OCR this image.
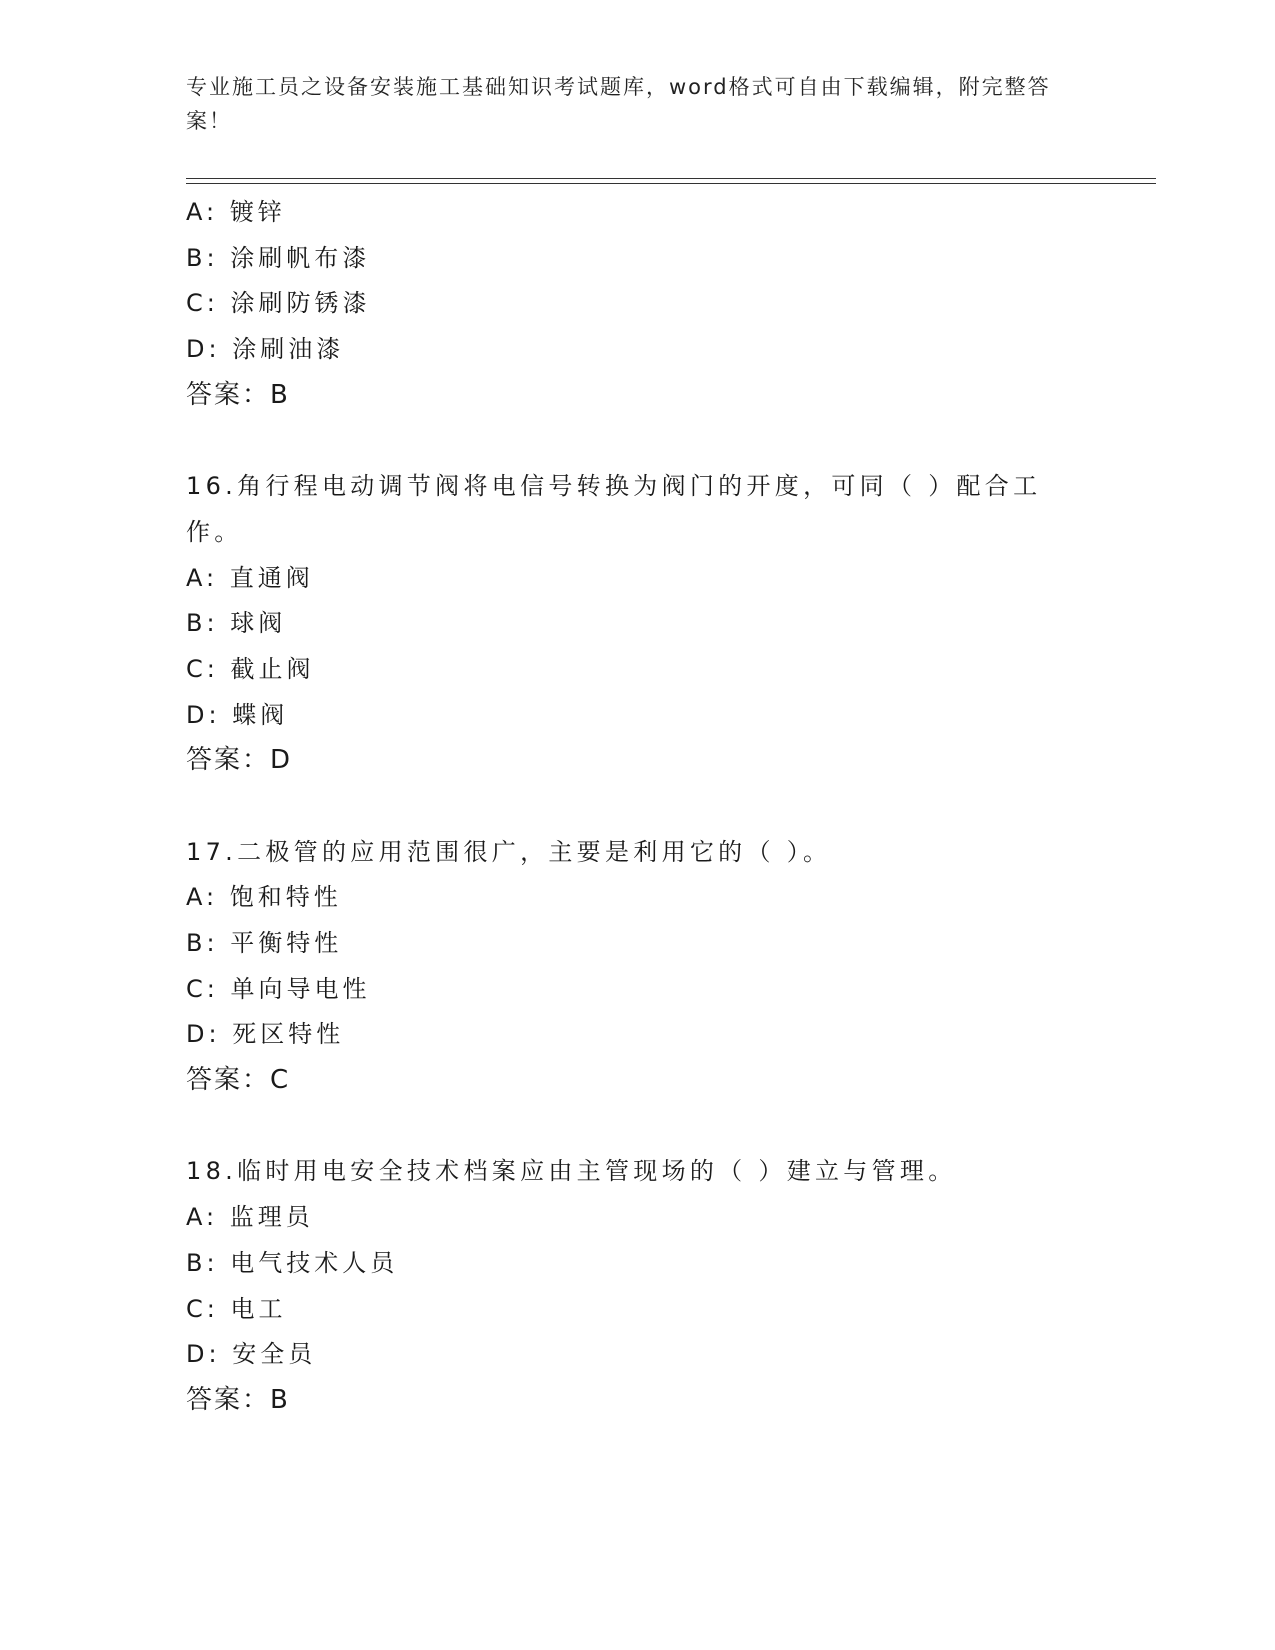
专业施工员之设备安装施工基础知识考试题库，word格式可自由下载编辑，附完整答案！
A: 镀锌
B: 涂刷帆布漆
C: 涂刷防锈漆
D: 涂刷油漆
答案：B
16.角行程电动调节阀将电信号转换为阀门的开度，可同（ ）配合工作。
A: 直通阀
B: 球阀
C: 截止阀
D: 蝶阀
答案：D
17.二极管的应用范围很广，主要是利用它的（ ）。
A: 饱和特性
B: 平衡特性
C: 单向导电性
D: 死区特性
答案：C
18.临时用电安全技术档案应由主管现场的（ ）建立与管理。
A: 监理员
B: 电气技术人员
C: 电工
D: 安全员
答案：B
